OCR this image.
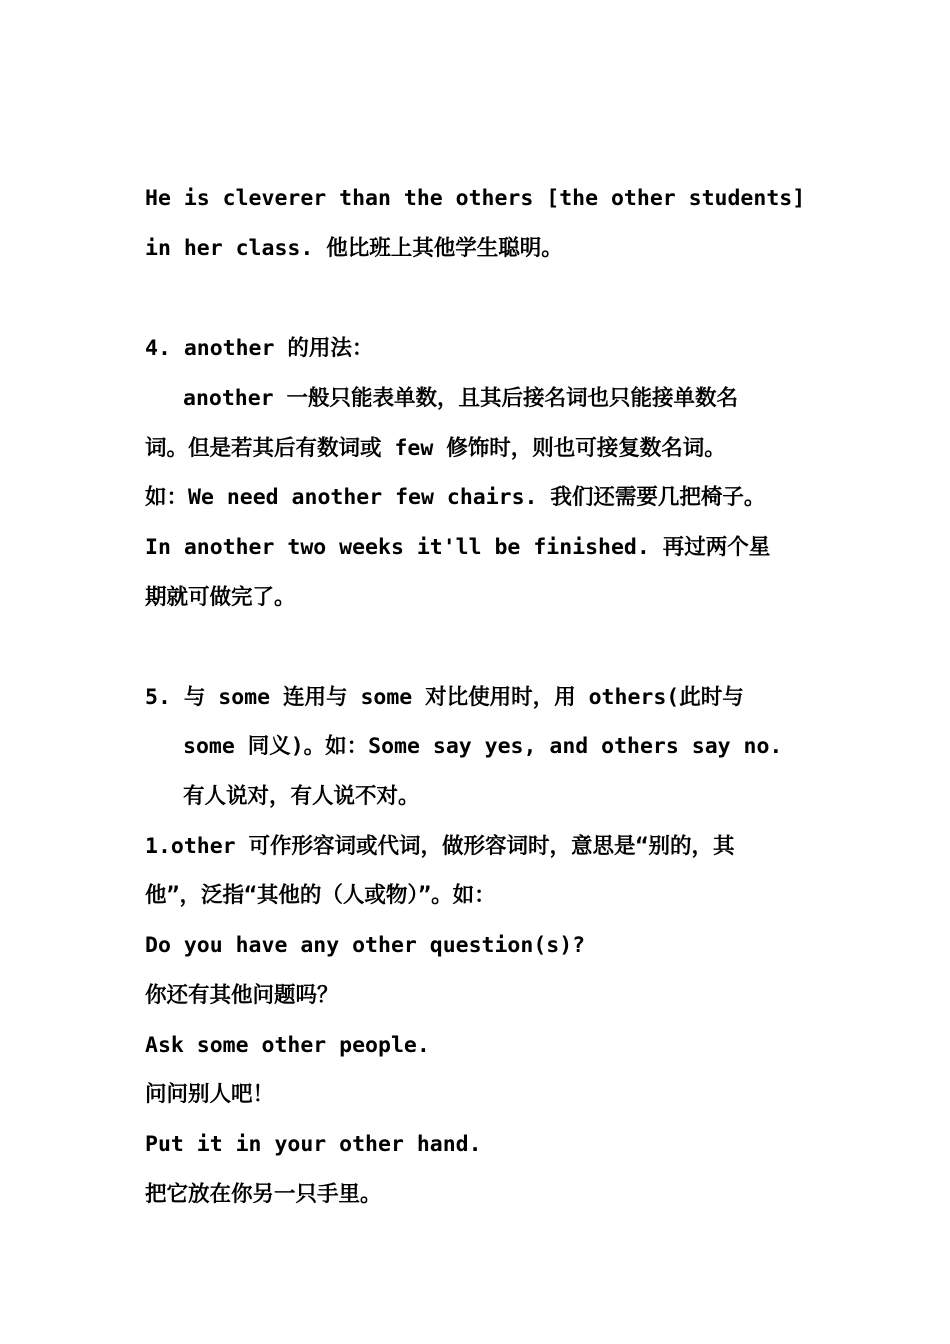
He is cleverer than the others [the other students]
in her class. 他比班上其他学生聪明。
4. another 的用法：
another 一般只能表单数，且其后接名词也只能接单数名
词。但是若其后有数词或 few 修饰时，则也可接复数名词。
如：We need another few chairs. 我们还需要几把椅子。
In another two weeks it'll be finished. 再过两个星
期就可做完了。
5. 与 some 连用与 some 对比使用时，用 others(此时与
some 同义)。如：Some say yes, and others say no.
有人说对，有人说不对。
1.other 可作形容词或代词，做形容词时，意思是“别的，其
他”，泛指“其他的（人或物）”。如：
Do you have any other question(s)?
你还有其他问题吗？
Ask some other people.
问问别人吧！
Put it in your other hand.
把它放在你另一只手里。
